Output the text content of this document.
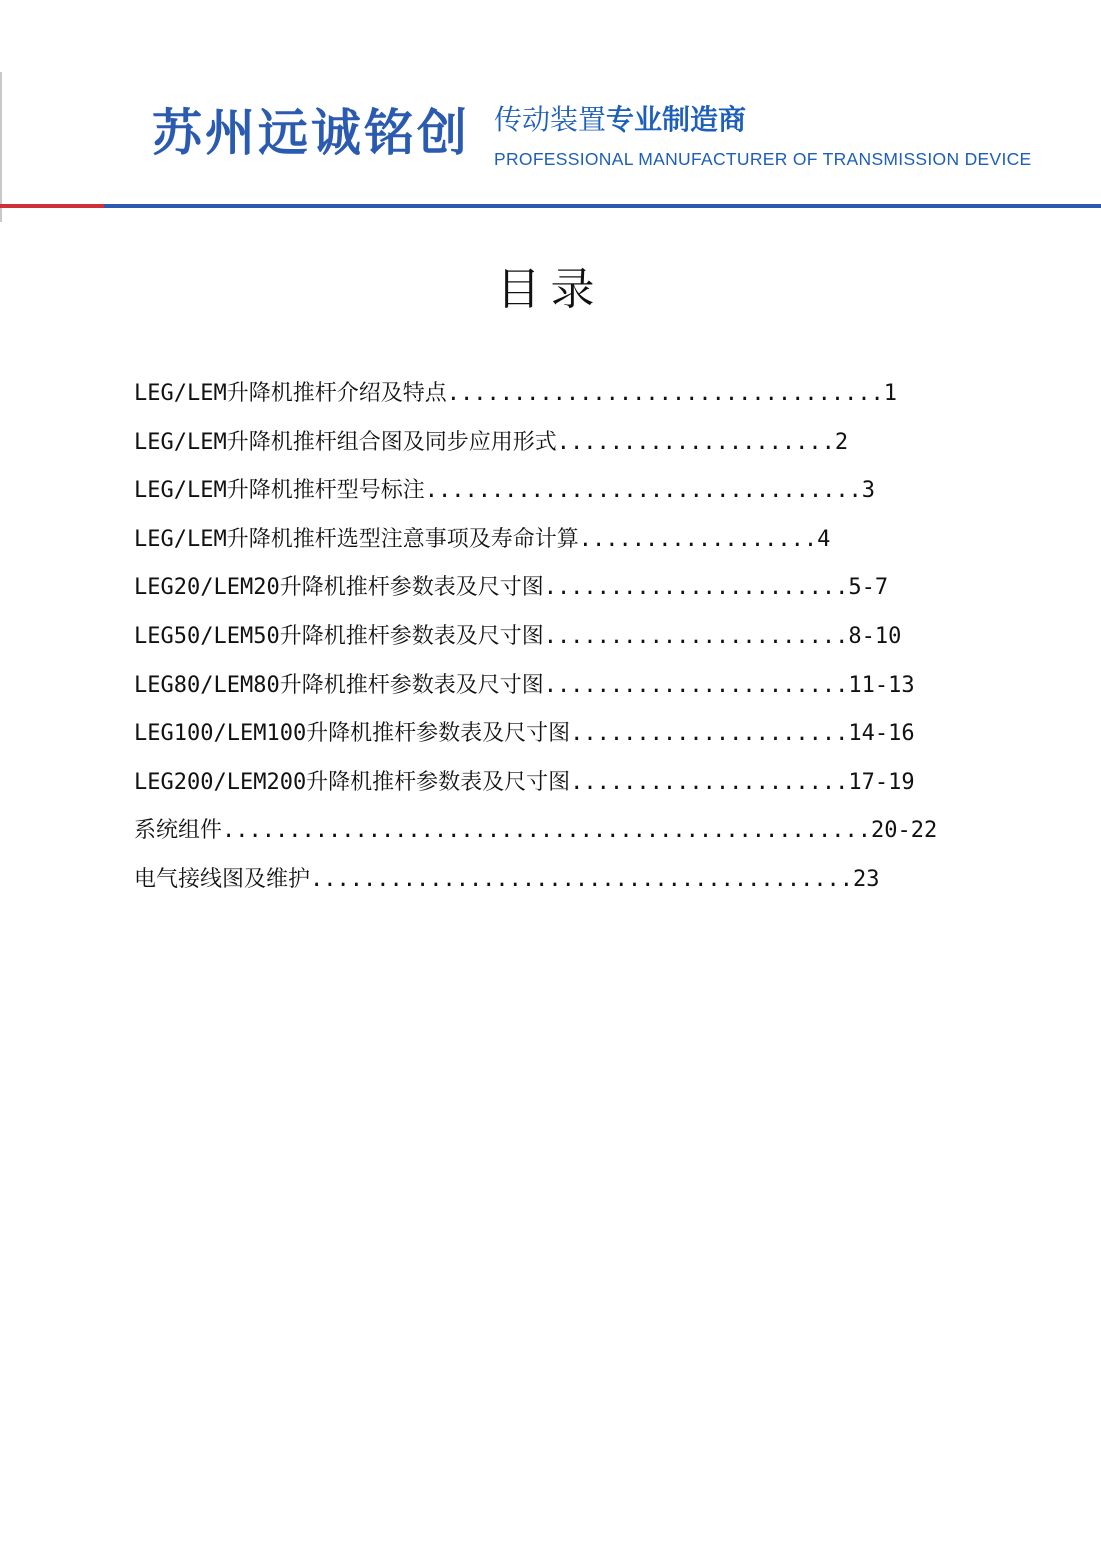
苏州远诚铭创 传动装置专业制造商
PROFESSIONAL MANUFACTURER OF TRANSMISSION DEVICE
目录
LEG/LEM升降机推杆介绍及特点.................................1
LEG/LEM升降机推杆组合图及同步应用形式.....................2
LEG/LEM升降机推杆型号标注.................................3
LEG/LEM升降机推杆选型注意事项及寿命计算..................4
LEG20/LEM20升降机推杆参数表及尺寸图.......................5-7
LEG50/LEM50升降机推杆参数表及尺寸图.......................8-10
LEG80/LEM80升降机推杆参数表及尺寸图.......................11-13
LEG100/LEM100升降机推杆参数表及尺寸图.....................14-16
LEG200/LEM200升降机推杆参数表及尺寸图.....................17-19
系统组件.................................................20-22
电气接线图及维护.........................................23
